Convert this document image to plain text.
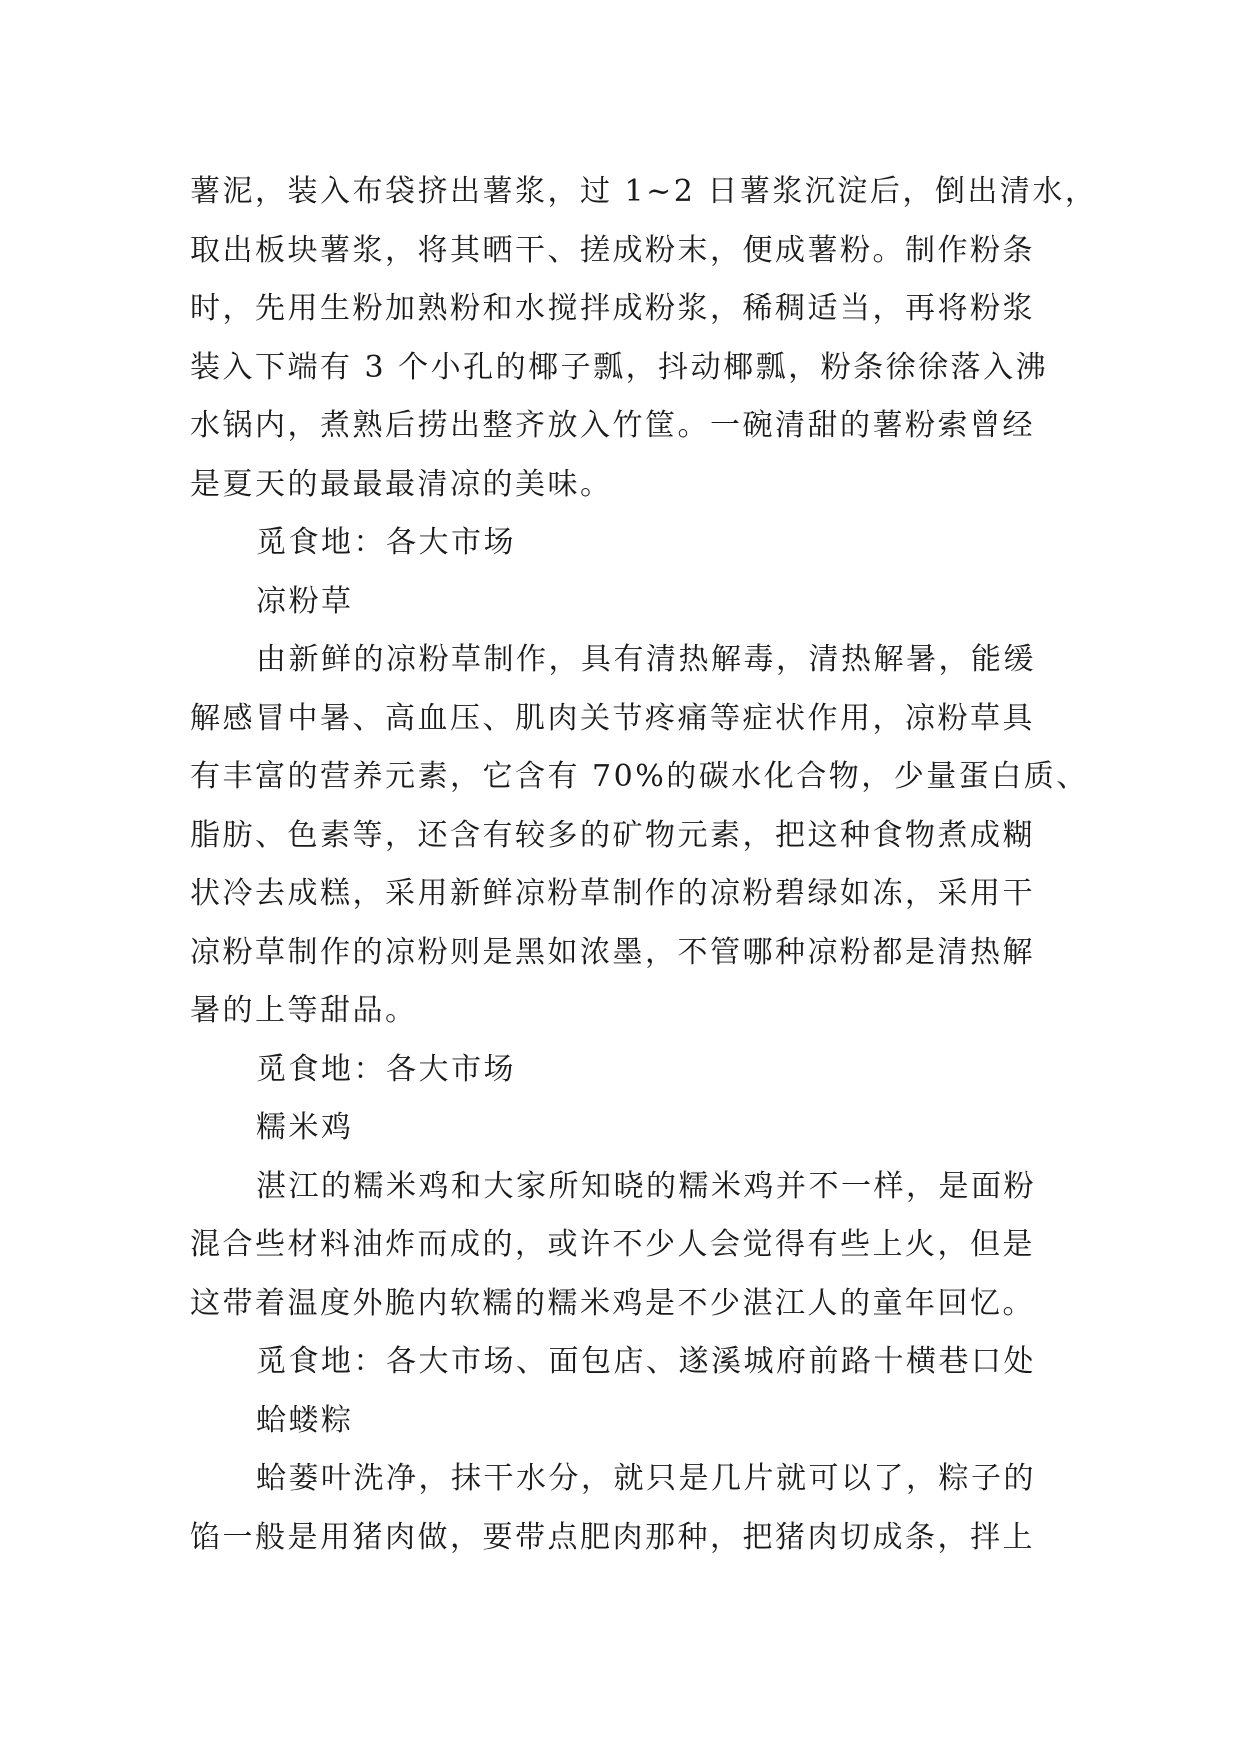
薯泥，装入布袋挤出薯浆，过 1~2 日薯浆沉淀后，倒出清水，
取出板块薯浆，将其晒干、搓成粉末，便成薯粉。制作粉条
时，先用生粉加熟粉和水搅拌成粉浆，稀稠适当，再将粉浆
装入下端有 3 个小孔的椰子瓢，抖动椰瓢，粉条徐徐落入沸
水锅内，煮熟后捞出整齐放入竹筐。一碗清甜的薯粉索曾经
是夏天的最最最清凉的美味。
觅食地：各大市场
凉粉草
由新鲜的凉粉草制作，具有清热解毒，清热解暑，能缓
解感冒中暑、高血压、肌肉关节疼痛等症状作用，凉粉草具
有丰富的营养元素，它含有 70%的碳水化合物，少量蛋白质、
脂肪、色素等，还含有较多的矿物元素，把这种食物煮成糊
状冷去成糕，采用新鲜凉粉草制作的凉粉碧绿如冻，采用干
凉粉草制作的凉粉则是黑如浓墨，不管哪种凉粉都是清热解
暑的上等甜品。
觅食地：各大市场
糯米鸡
湛江的糯米鸡和大家所知晓的糯米鸡并不一样，是面粉
混合些材料油炸而成的，或许不少人会觉得有些上火，但是
这带着温度外脆内软糯的糯米鸡是不少湛江人的童年回忆。
觅食地：各大市场、面包店、遂溪城府前路十横巷口处
蛤蝼粽
蛤蒌叶洗净，抹干水分，就只是几片就可以了，粽子的
馅一般是用猪肉做，要带点肥肉那种，把猪肉切成条，拌上
